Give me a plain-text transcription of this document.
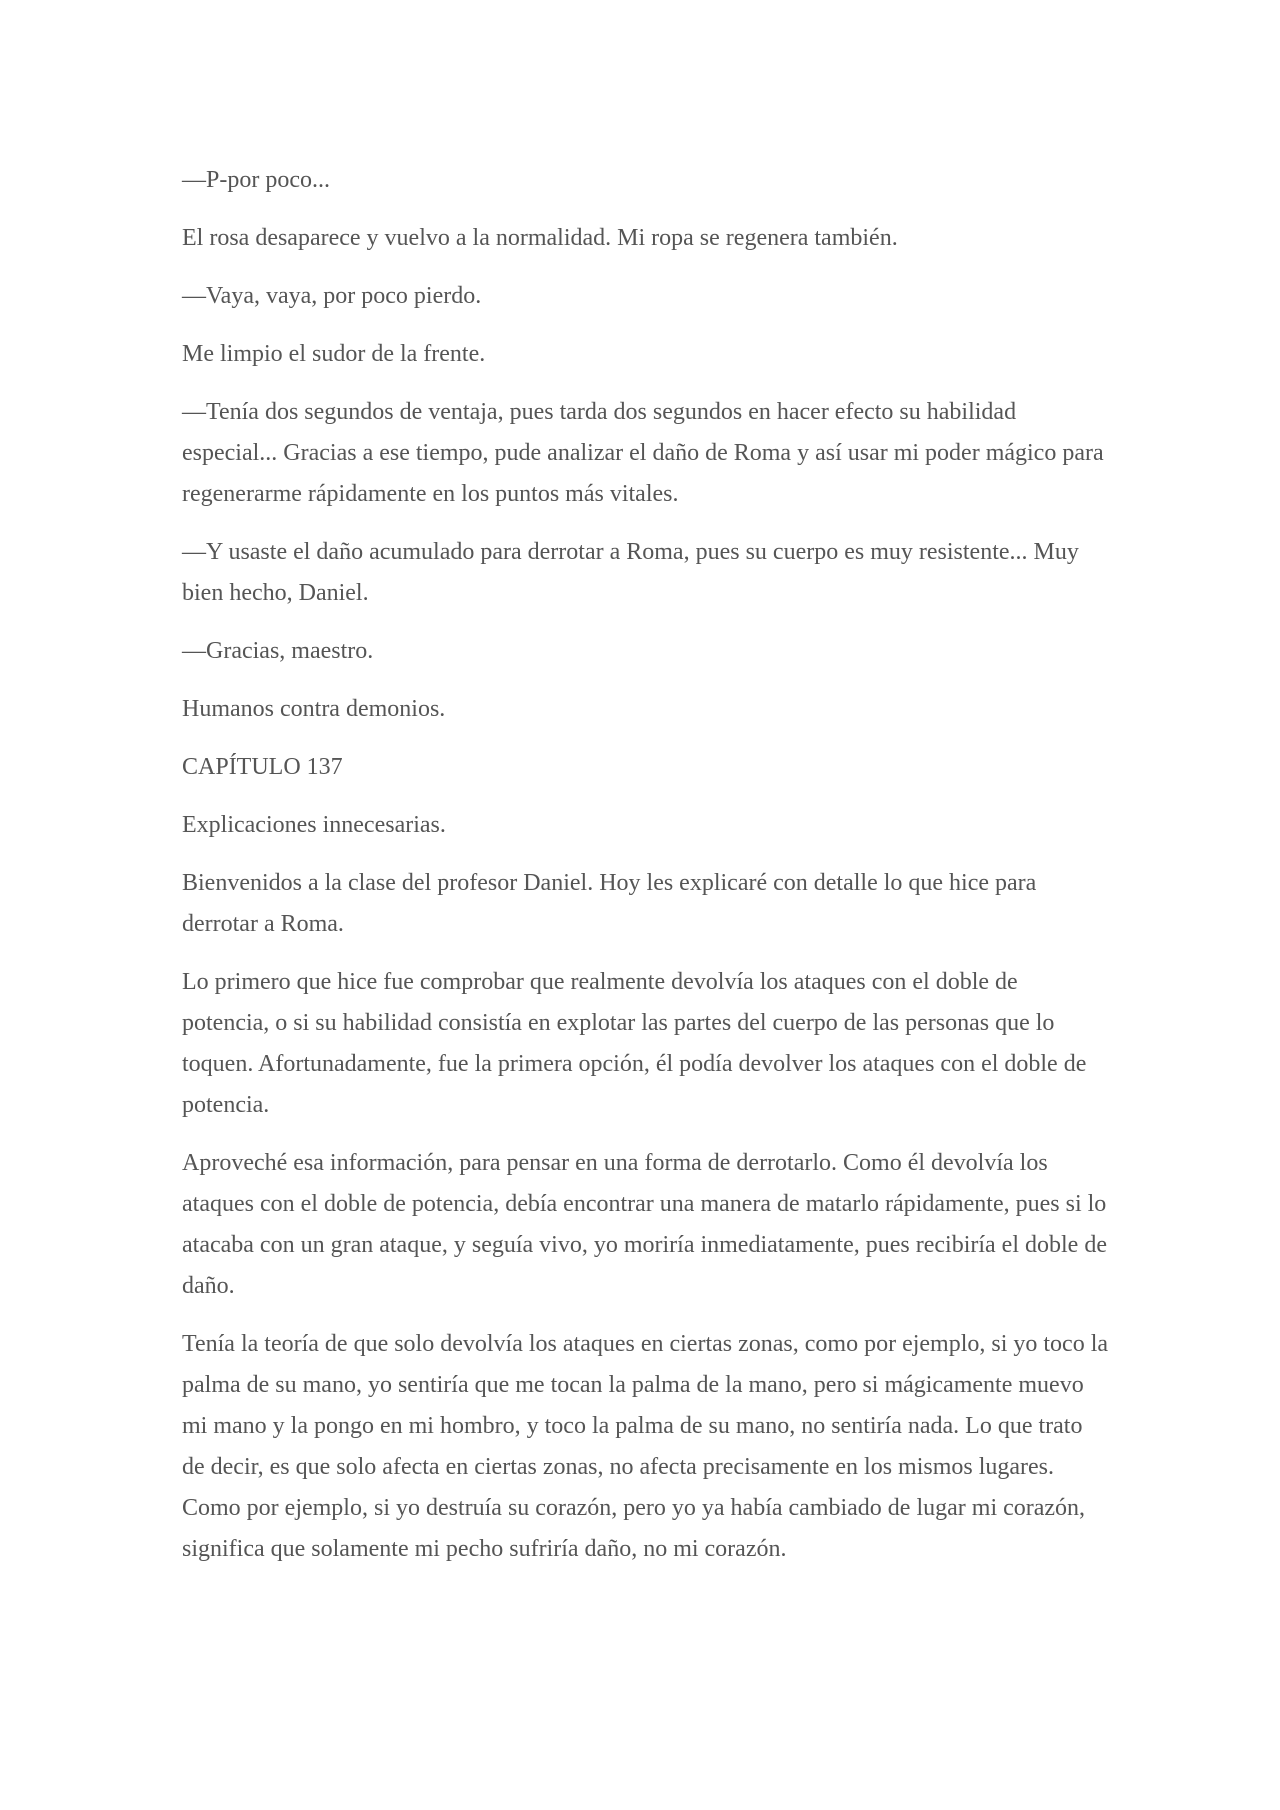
—P-por poco...

El rosa desaparece y vuelvo a la normalidad. Mi ropa se regenera también.

—Vaya, vaya, por poco pierdo.

Me limpio el sudor de la frente.

—Tenía dos segundos de ventaja, pues tarda dos segundos en hacer efecto su habilidad especial... Gracias a ese tiempo, pude analizar el daño de Roma y así usar mi poder mágico para regenerarme rápidamente en los puntos más vitales.

—Y usaste el daño acumulado para derrotar a Roma, pues su cuerpo es muy resistente... Muy bien hecho, Daniel.

—Gracias, maestro.

Humanos contra demonios.

CAPÍTULO 137

Explicaciones innecesarias.

Bienvenidos a la clase del profesor Daniel. Hoy les explicaré con detalle lo que hice para derrotar a Roma.

Lo primero que hice fue comprobar que realmente devolvía los ataques con el doble de potencia, o si su habilidad consistía en explotar las partes del cuerpo de las personas que lo toquen. Afortunadamente, fue la primera opción, él podía devolver los ataques con el doble de potencia.

Aproveché esa información, para pensar en una forma de derrotarlo. Como él devolvía los ataques con el doble de potencia, debía encontrar una manera de matarlo rápidamente, pues si lo atacaba con un gran ataque, y seguía vivo, yo moriría inmediatamente, pues recibiría el doble de daño.

Tenía la teoría de que solo devolvía los ataques en ciertas zonas, como por ejemplo, si yo toco la palma de su mano, yo sentiría que me tocan la palma de la mano, pero si mágicamente muevo mi mano y la pongo en mi hombro, y toco la palma de su mano, no sentiría nada. Lo que trato de decir, es que solo afecta en ciertas zonas, no afecta precisamente en los mismos lugares. Como por ejemplo, si yo destruía su corazón, pero yo ya había cambiado de lugar mi corazón, significa que solamente mi pecho sufriría daño, no mi corazón.
